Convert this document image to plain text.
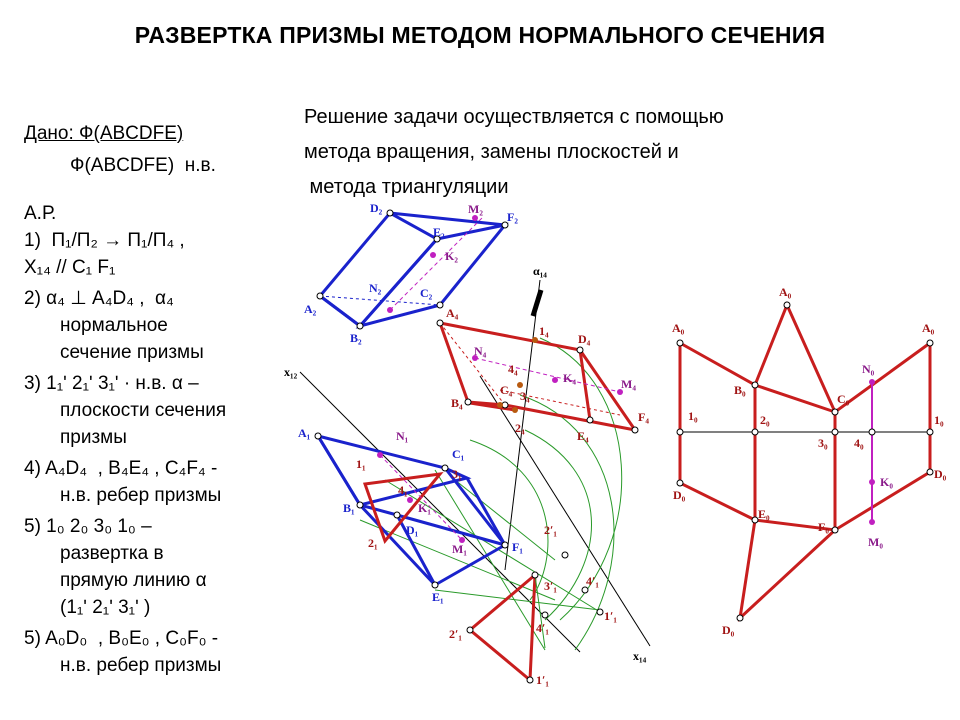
РАЗВЕРТКА ПРИЗМЫ МЕТОДОМ НОРМАЛЬНОГО СЕЧЕНИЯ
Решение задачи осуществляется с помощью
метода вращения, замены плоскостей и
метода триангуляции
Дано: Ф(ABCDFE)
Ф(ABCDFE)  н.в.
А.Р.
1)  П₁/П₂ → П₁/П₄ ,
X₁₄ // C₁ F₁
2) α₄ ⊥ A₄D₄ ,  α₄
нормальное
сечение призмы
3) 1₁ʹ 2₁ʹ 3₁ʹ · н.в. α –
плоскости сечения
призмы
4) A₄D₄  , B₄E₄ , C₄F₄ -
н.в. ребер призмы
5) 1₀ 2₀ 3₀ 1₀ –
развертка в
прямую линию α
(1₁ʹ 2₁ʹ 3₁ʹ )
5) A₀D₀  , B₀E₀ , C₀F₀ -
н.в. ребер призмы
D₂	M₂
F₂
E₂
K₂
A₂
N₂	C₂
B₂
A₁	N₁
C₁
1₁
3₁
4₁
B₁	K₁
D₁
2₁	M₁	F₁
E₁
A₄
1₄
D₄
N₄
4₄
K₄	M₄
C₄ 3₄
B₄
2₄
F₄
E₄
x₁₂
x₁₄
α₁₄
2ʹ₁
3ʹ₁ 4ʹ₁
1ʹ₁
2ʹ₁	4ʹ₁
1ʹ₁
A₀
A₀
A₀
B₀
C₀
N₀
1₀	2₀
3₀ 4₀
1₀
D₀
D₀
K₀
E₀
F₀
M₀
D₀
